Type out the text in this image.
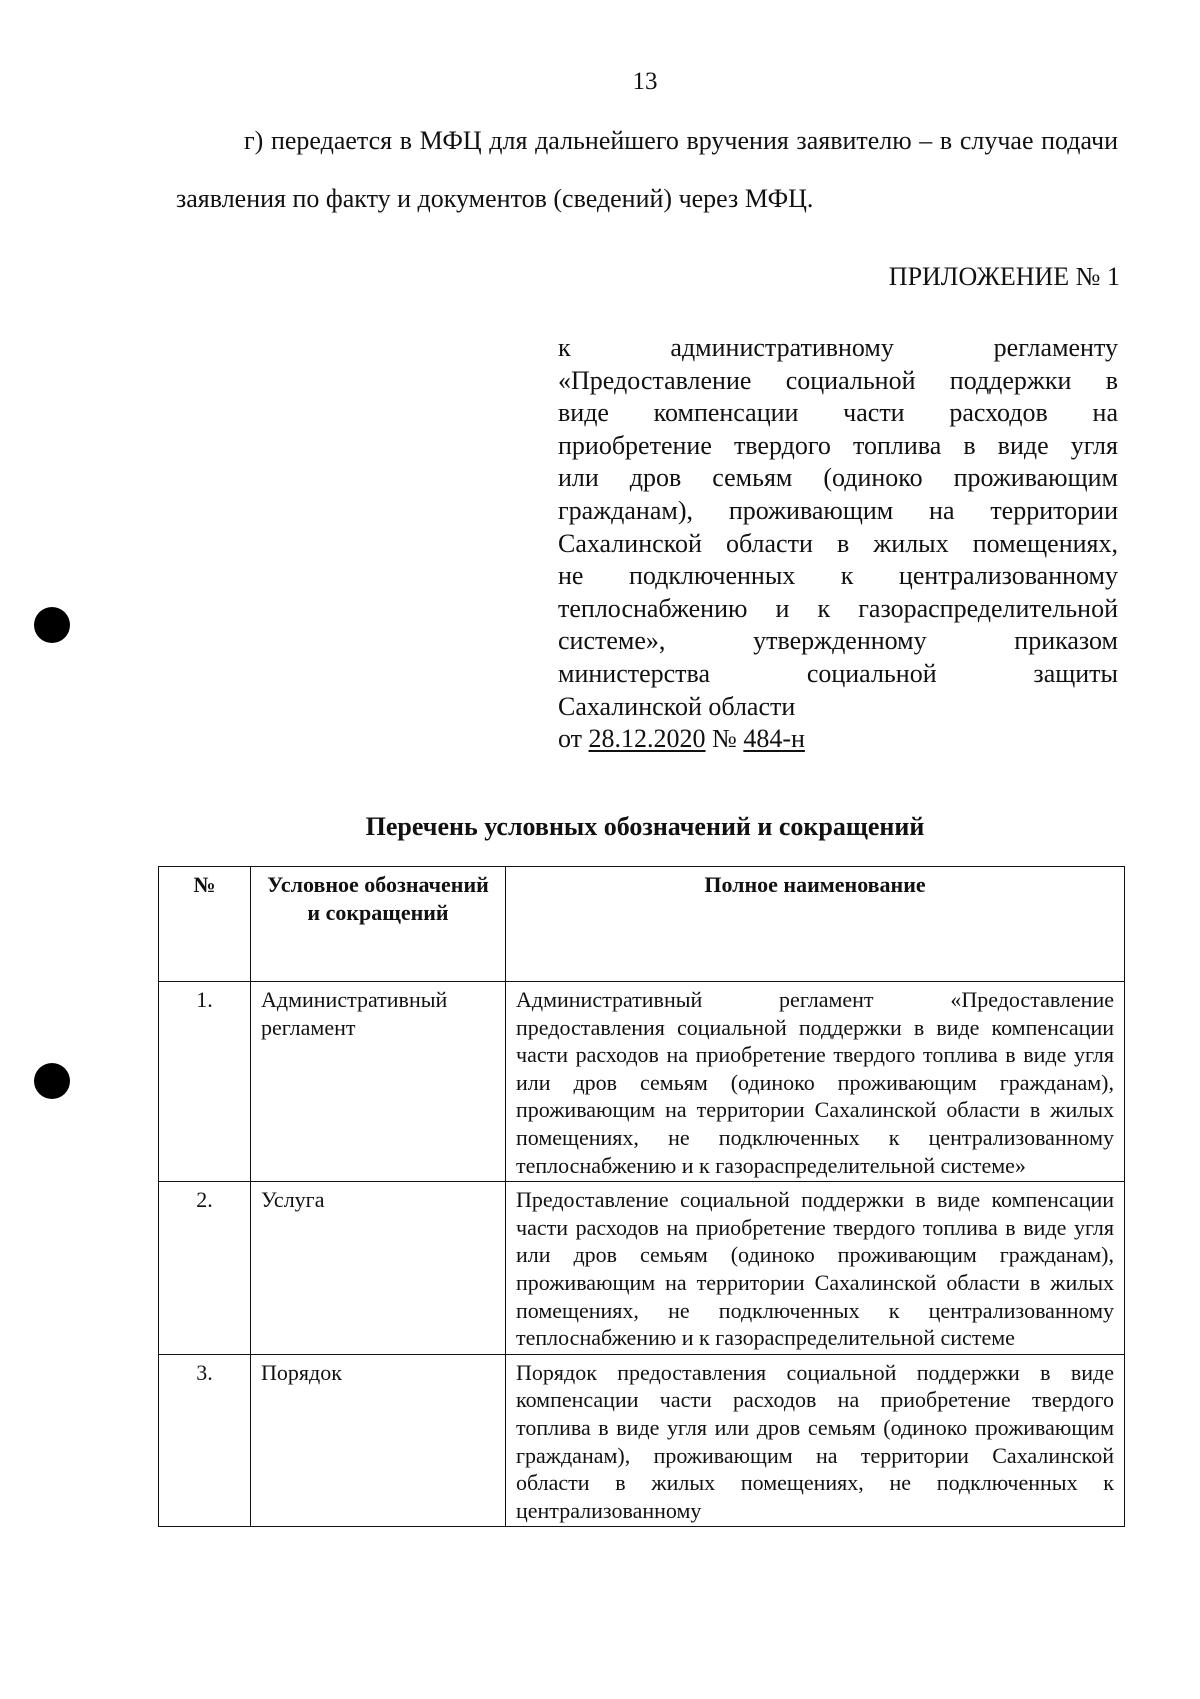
13
г) передается в МФЦ для дальнейшего вручения заявителю – в случае подачи заявления по факту и документов (сведений) через МФЦ.
ПРИЛОЖЕНИЕ № 1
к административному регламенту
«Предоставление социальной поддержки в
виде компенсации части расходов на
приобретение твердого топлива в виде угля
или дров семьям (одиноко проживающим
гражданам), проживающим на территории
Сахалинской области в жилых помещениях,
не подключенных к централизованному
теплоснабжению и к газораспределительной
системе», утвержденному приказом
министерства социальной защиты
Сахалинской области
от 28.12.2020 № 484-н
Перечень условных обозначений и сокращений
№	Условное обозначений и сокращений	Полное наименование
1.	Административный регламент	Административный регламент «Предоставление предоставления социальной поддержки в виде компенсации части расходов на приобретение твердого топлива в виде угля или дров семьям (одиноко проживающим гражданам), проживающим на территории Сахалинской области в жилых помещениях, не подключенных к централизованному теплоснабжению и к газораспределительной системе»
2.	Услуга	Предоставление социальной поддержки в виде компенсации части расходов на приобретение твердого топлива в виде угля или дров семьям (одиноко проживающим гражданам), проживающим на территории Сахалинской области в жилых помещениях, не подключенных к централизованному теплоснабжению и к газораспределительной системе
3.	Порядок	Порядок предоставления социальной поддержки в виде компенсации части расходов на приобретение твердого топлива в виде угля или дров семьям (одиноко проживающим гражданам), проживающим на территории Сахалинской области в жилых помещениях, не подключенных к централизованному
